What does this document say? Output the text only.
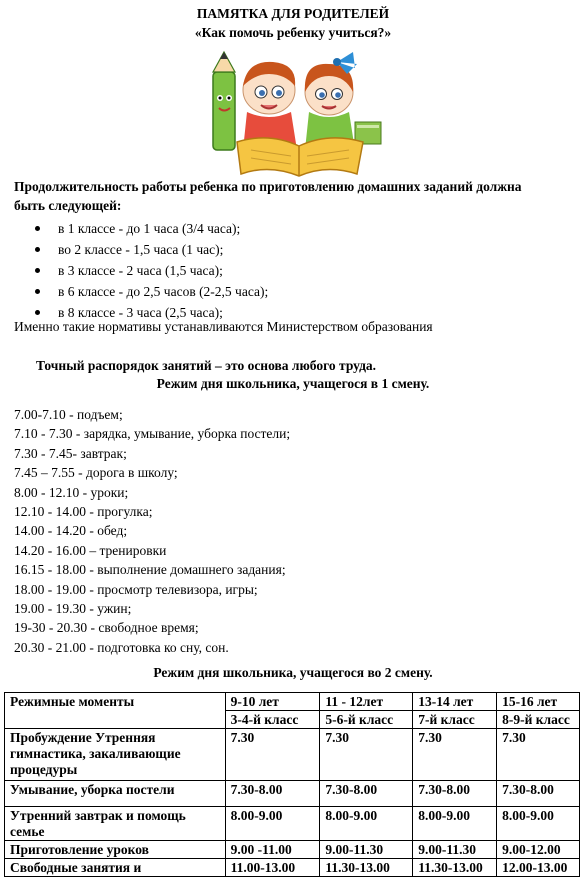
ПАМЯТКА ДЛЯ РОДИТЕЛЕЙ
«Как помочь ребенку учиться?»
Продолжительность работы ребенка по приготовлению домашних заданий должна
быть следующей:
в 1 классе - до 1 часа (3/4 часа);
во 2 классе - 1,5 часа (1 час);
в 3 классе - 2 часа (1,5 часа);
в 6 классе - до 2,5 часов (2-2,5 часа);
в 8 классе - 3 часа (2,5 часа);
Именно такие нормативы устанавливаются Министерством образования
Точный распорядок занятий – это основа любого труда.
Режим дня школьника, учащегося в 1 смену.
7.00-7.10 - подъем;
7.10 - 7.30 - зарядка, умывание, уборка постели;
7.30 - 7.45- завтрак;
7.45 – 7.55 - дорога в школу;
8.00 - 12.10 - уроки;
12.10 - 14.00 - прогулка;
14.00 - 14.20 - обед;
14.20 - 16.00 – тренировки
16.15 - 18.00 - выполнение домашнего задания;
18.00 - 19.00 - просмотр телевизора, игры;
19.00 - 19.30 - ужин;
19-30 - 20.30 - свободное время;
20.30 - 21.00 - подготовка ко сну, сон.
Режим дня школьника, учащегося во 2 смену.
Режимные моменты	9-10 лет	11 - 12лет	13-14 лет	15-16 лет
	3-4-й класс	5-6-й класс	7-й класс	8-9-й класс
Пробуждение Утренняя гимнастика, закаливающие процедуры	7.30	7.30	7.30	7.30
Умывание, уборка постели	7.30-8.00	7.30-8.00	7.30-8.00	7.30-8.00
Утренний завтрак и помощь семье	8.00-9.00	8.00-9.00	8.00-9.00	8.00-9.00
Приготовление уроков	9.00 -11.00	9.00-11.30	9.00-11.30	9.00-12.00
Свободные занятия и	11.00-13.00	11.30-13.00	11.30-13.00	12.00-13.00
